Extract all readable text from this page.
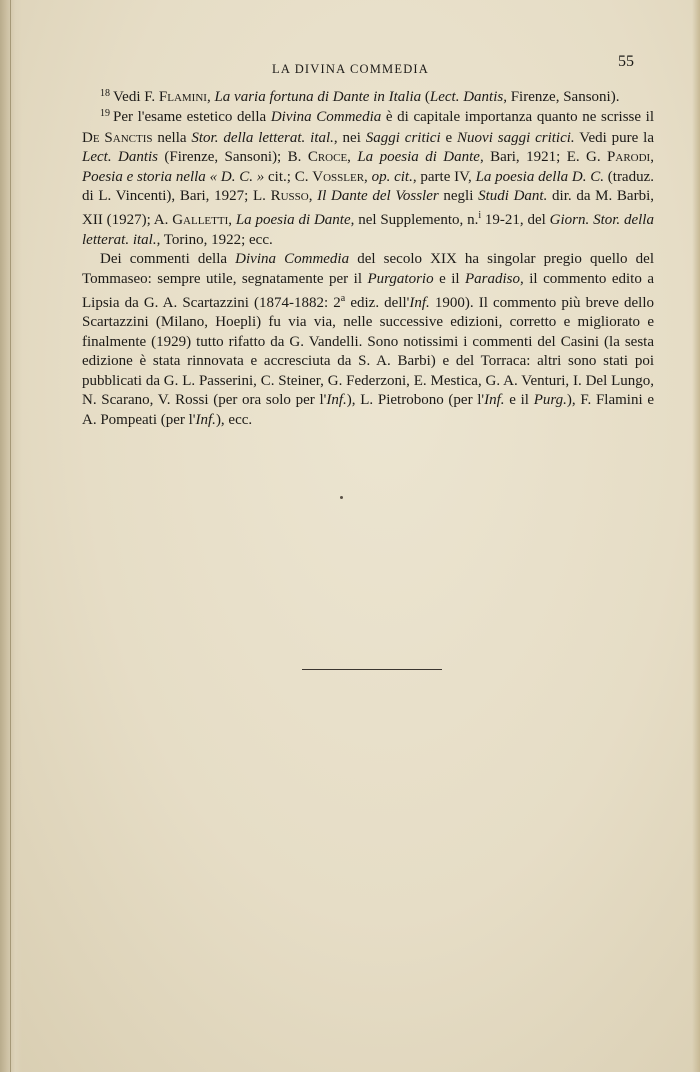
LA DIVINA COMMEDIA	55

$^{18}$ Vedi F. Flamini, La varia fortuna di Dante in Italia (Lect. Dantis, Firenze, Sansoni).

$^{19}$ Per l'esame estetico della Divina Commedia è di capitale importanza quanto ne scrisse il De Sanctis nella Stor. della letterat. ital., nei Saggi critici e Nuovi saggi critici. Vedi pure la Lect. Dantis (Firenze, Sansoni); B. Croce, La poesia di Dante, Bari, 1921; E. G. Parodi, Poesia e storia nella « D. C. » cit.; C. Vossler, op. cit., parte IV, La poesia della D. C. (traduz. di L. Vincenti), Bari, 1927; L. Russo, Il Dante del Vossler negli Studi Dant. dir. da M. Barbi, XII (1927); A. Galletti, La poesia di Dante, nel Supplemento, n.$^i$ 19-21, del Giorn. Stor. della letterat. ital., Torino, 1922; ecc.

Dei commenti della Divina Commedia del secolo XIX ha singolar pregio quello del Tommaseo: sempre utile, segnatamente per il Purgatorio e il Paradiso, il commento edito a Lipsia da G. A. Scartazzini (1874-1882: 2$^a$ ediz. dell'Inf. 1900). Il commento più breve dello Scartazzini (Milano, Hoepli) fu via via, nelle successive edizioni, corretto e migliorato e finalmente (1929) tutto rifatto da G. Vandelli. Sono notissimi i commenti del Casini (la sesta edizione è stata rinnovata e accresciuta da S. A. Barbi) e del Torraca: altri sono stati poi pubblicati da G. L. Passerini, C. Steiner, G. Federzoni, E. Mestica, G. A. Venturi, I. Del Lungo, N. Scarano, V. Rossi (per ora solo per l'Inf.), L. Pietrobono (per l'Inf. e il Purg.), F. Flamini e A. Pompeati (per l'Inf.), ecc.
